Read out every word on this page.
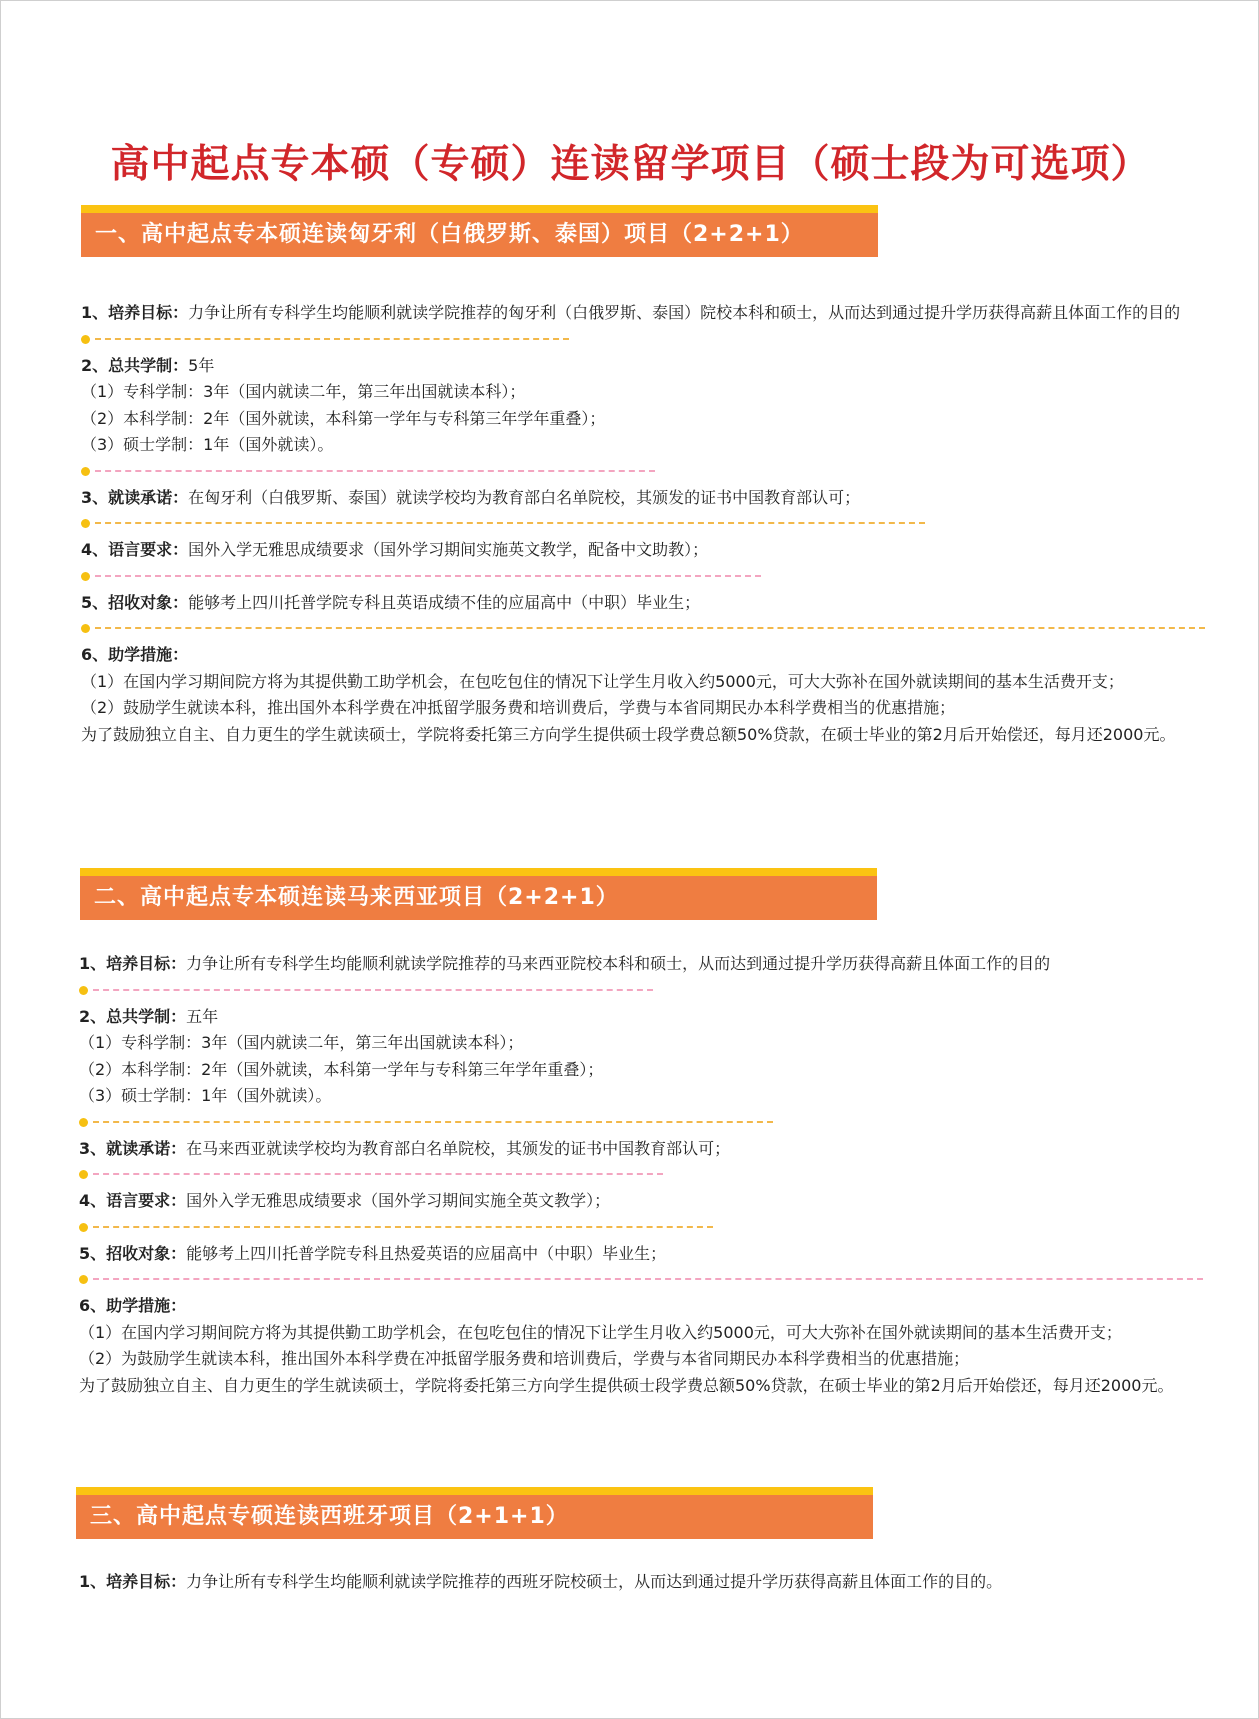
高中起点专本硕（专硕）连读留学项目（硕士段为可选项）
一、高中起点专本硕连读匈牙利（白俄罗斯、泰国）项目（2+2+1）

1、培养目标：力争让所有专科学生均能顺利就读学院推荐的匈牙利（白俄罗斯、泰国）院校本科和硕士，从而达到通过提升学历获得高薪且体面工作的目的

2、总共学制：5年

（1）专科学制：3年（国内就读二年，第三年出国就读本科）；

（2）本科学制：2年（国外就读，本科第一学年与专科第三年学年重叠）；

（3）硕士学制：1年（国外就读）。

3、就读承诺：在匈牙利（白俄罗斯、泰国）就读学校均为教育部白名单院校，其颁发的证书中国教育部认可；

4、语言要求：国外入学无雅思成绩要求（国外学习期间实施英文教学，配备中文助教）；

5、招收对象：能够考上四川托普学院专科且英语成绩不佳的应届高中（中职）毕业生；

6、助学措施：

（1）在国内学习期间院方将为其提供勤工助学机会，在包吃包住的情况下让学生月收入约5000元，可大大弥补在国外就读期间的基本生活费开支；

（2）鼓励学生就读本科，推出国外本科学费在冲抵留学服务费和培训费后，学费与本省同期民办本科学费相当的优惠措施；

为了鼓励独立自主、自力更生的学生就读硕士，学院将委托第三方向学生提供硕士段学费总额50%贷款，在硕士毕业的第2月后开始偿还，每月还2000元。

二、高中起点专本硕连读马来西亚项目（2+2+1）

1、培养目标：力争让所有专科学生均能顺利就读学院推荐的马来西亚院校本科和硕士，从而达到通过提升学历获得高薪且体面工作的目的

2、总共学制：五年

（1）专科学制：3年（国内就读二年，第三年出国就读本科）；

（2）本科学制：2年（国外就读，本科第一学年与专科第三年学年重叠）；

（3）硕士学制：1年（国外就读）。

3、就读承诺：在马来西亚就读学校均为教育部白名单院校，其颁发的证书中国教育部认可；

4、语言要求：国外入学无雅思成绩要求（国外学习期间实施全英文教学）；

5、招收对象：能够考上四川托普学院专科且热爱英语的应届高中（中职）毕业生；

6、助学措施：

（1）在国内学习期间院方将为其提供勤工助学机会，在包吃包住的情况下让学生月收入约5000元，可大大弥补在国外就读期间的基本生活费开支；

（2）为鼓励学生就读本科，推出国外本科学费在冲抵留学服务费和培训费后，学费与本省同期民办本科学费相当的优惠措施；

为了鼓励独立自主、自力更生的学生就读硕士，学院将委托第三方向学生提供硕士段学费总额50%贷款，在硕士毕业的第2月后开始偿还，每月还2000元。

三、高中起点专硕连读西班牙项目（2+1+1）

1、培养目标：力争让所有专科学生均能顺利就读学院推荐的西班牙院校硕士，从而达到通过提升学历获得高薪且体面工作的目的。
